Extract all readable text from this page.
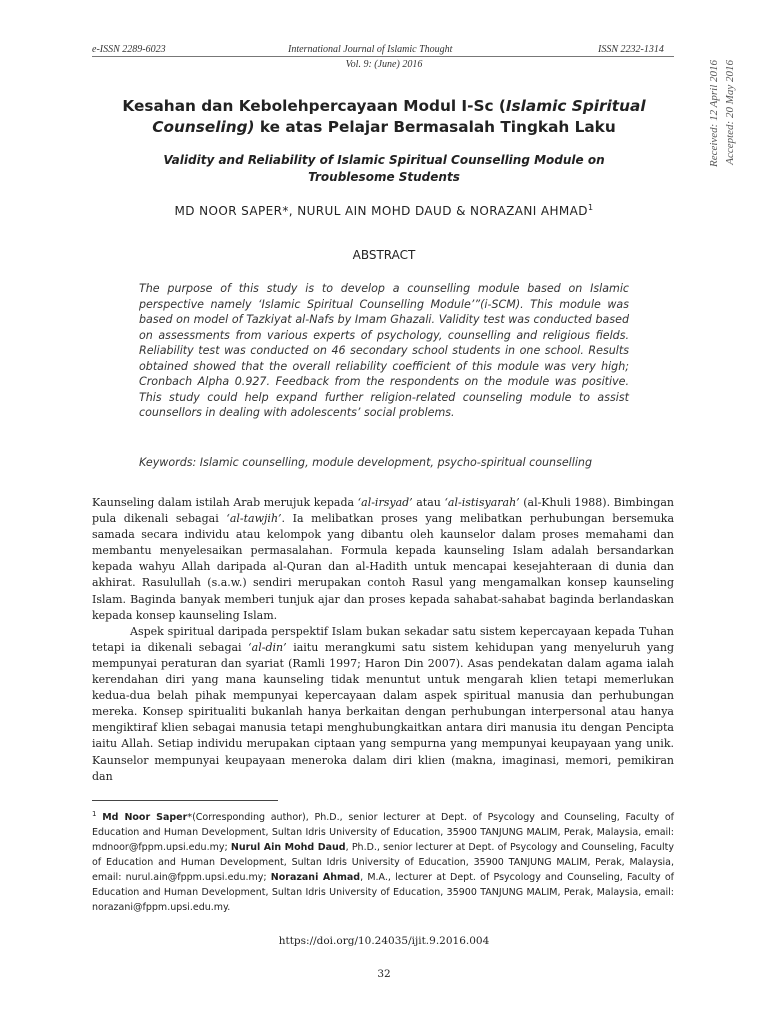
e-ISSN 2289-6023	International Journal of Islamic Thought	ISSN 2232-1314
Vol. 9: (June) 2016	Received: 12 April 2016 Accepted: 20 May 2016
Kesahan dan Kebolehpercayaan Modul I-Sc (Islamic Spiritual Counseling) ke atas Pelajar Bermasalah Tingkah Laku
Validity and Reliability of Islamic Spiritual Counselling Module on Troublesome Students
MD NOOR SAPER*, NURUL AIN MOHD DAUD & NORAZANI AHMAD$^1$
ABSTRACT

The purpose of this study is to develop a counselling module based on Islamic perspective namely ‘Islamic Spiritual Counselling Module’”(i-SCM). This module was based on model of Tazkiyat al-Nafs by Imam Ghazali. Validity test was conducted based on assessments from various experts of psychology, counselling and religious fields. Reliability test was conducted on 46 secondary school students in one school. Results obtained showed that the overall reliability coefficient of this module was very high; Cronbach Alpha 0.927. Feedback from the respondents on the module was positive. This study could help expand further religion-related counseling module to assist counsellors in dealing with adolescents’ social problems.

Keywords: Islamic counselling, module development, psycho-spiritual counselling

Kaunseling dalam istilah Arab merujuk kepada ‘al-irsyad’ atau ‘al-istisyarah’ (al-Khuli 1988). Bimbingan pula dikenali sebagai ‘al-tawjih’. Ia melibatkan proses yang melibatkan perhubungan bersemuka samada secara individu atau kelompok yang dibantu oleh kaunselor dalam proses memahami dan membantu menyelesaikan permasalahan. Formula kepada kaunseling Islam adalah bersandarkan kepada wahyu Allah daripada al-Quran dan al-Hadith untuk mencapai kesejahteraan di dunia dan akhirat. Rasulullah (s.a.w.) sendiri merupakan contoh Rasul yang mengamalkan konsep kaunseling Islam. Baginda banyak memberi tunjuk ajar dan proses kepada sahabat-sahabat baginda berlandaskan kepada konsep kaunseling Islam.

Aspek spiritual daripada perspektif Islam bukan sekadar satu sistem kepercayaan kepada Tuhan tetapi ia dikenali sebagai ‘al-din’ iaitu merangkumi satu sistem kehidupan yang menyeluruh yang mempunyai peraturan dan syariat (Ramli 1997; Haron Din 2007). Asas pendekatan dalam agama ialah kerendahan diri yang mana kaunseling tidak menuntut untuk mengarah klien tetapi memerlukan kedua-dua belah pihak mempunyai kepercayaan dalam aspek spiritual manusia dan perhubungan mereka. Konsep spiritualiti bukanlah hanya berkaitan dengan perhubungan interpersonal atau hanya mengiktiraf klien sebagai manusia tetapi menghubungkaitkan antara diri manusia itu dengan Pencipta iaitu Allah. Setiap individu merupakan ciptaan yang sempurna yang mempunyai keupayaan yang unik. Kaunselor mempunyai keupayaan meneroka dalam diri klien (makna, imaginasi, memori, pemikiran dan

$^1$ Md Noor Saper*(Corresponding author), Ph.D., senior lecturer at Dept. of Psycology and Counseling, Faculty of Education and Human Development, Sultan Idris University of Education, 35900 TANJUNG MALIM, Perak, Malaysia, email: mdnoor@fppm.upsi.edu.my; Nurul Ain Mohd Daud, Ph.D., senior lecturer at Dept. of Psycology and Counseling, Faculty of Education and Human Development, Sultan Idris University of Education, 35900 TANJUNG MALIM, Perak, Malaysia, email: nurul.ain@fppm.upsi.edu.my; Norazani Ahmad, M.A., lecturer at Dept. of Psycology and Counseling, Faculty of Education and Human Development, Sultan Idris University of Education, 35900 TANJUNG MALIM, Perak, Malaysia, email: norazani@fppm.upsi.edu.my.

https://doi.org/10.24035/ijit.9.2016.004
32
